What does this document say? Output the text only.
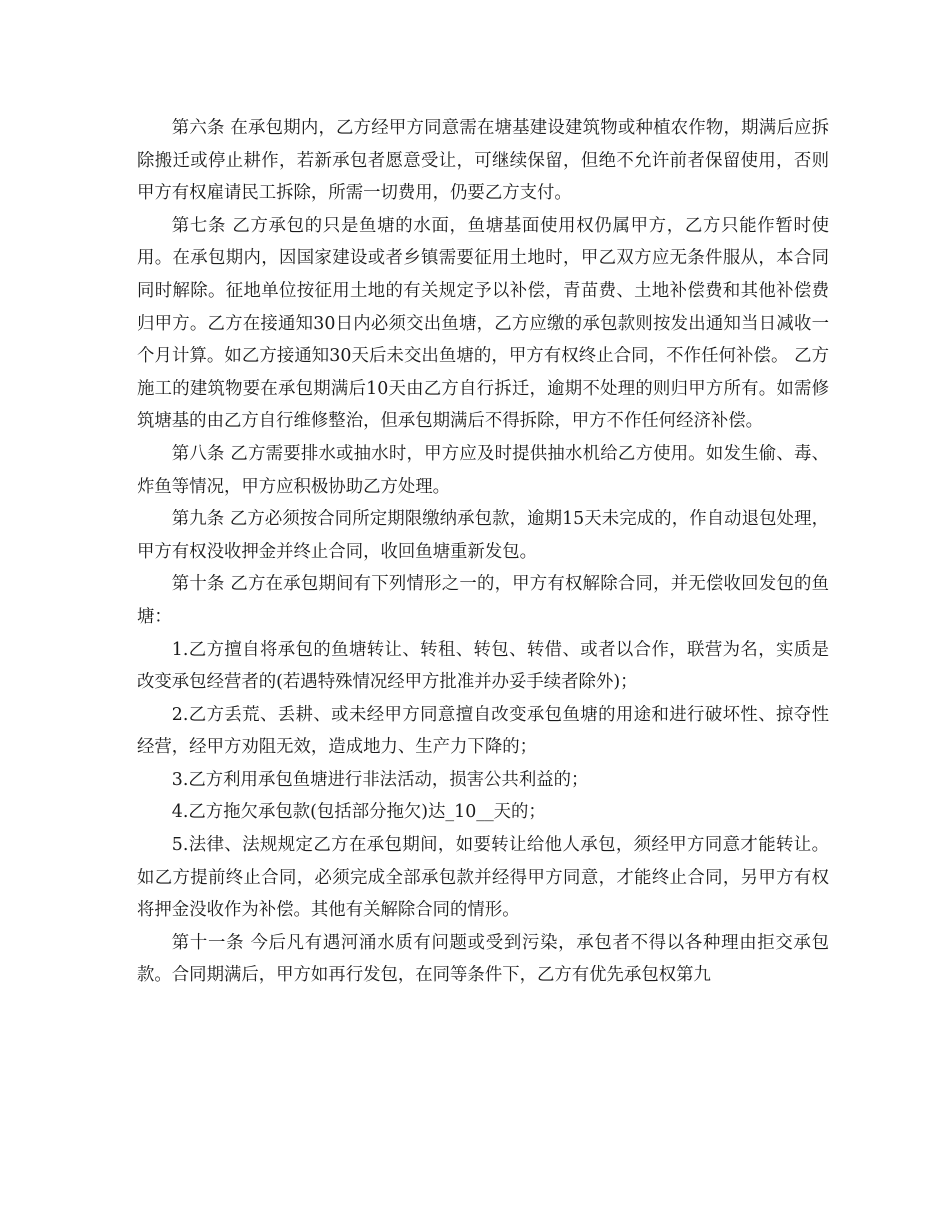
第六条 在承包期内，乙方经甲方同意需在塘基建设建筑物或种植农作物，期满后应拆除搬迁或停止耕作，若新承包者愿意受让，可继续保留，但绝不允许前者保留使用，否则甲方有权雇请民工拆除，所需一切费用，仍要乙方支付。

第七条 乙方承包的只是鱼塘的水面，鱼塘基面使用权仍属甲方，乙方只能作暂时使用。在承包期内，因国家建设或者乡镇需要征用土地时，甲乙双方应无条件服从，本合同同时解除。征地单位按征用土地的有关规定予以补偿，青苗费、土地补偿费和其他补偿费归甲方。乙方在接通知30日内必须交出鱼塘，乙方应缴的承包款则按发出通知当日减收一个月计算。如乙方接通知30天后未交出鱼塘的，甲方有权终止合同，不作任何补偿。 乙方施工的建筑物要在承包期满后10天由乙方自行拆迁，逾期不处理的则归甲方所有。如需修筑塘基的由乙方自行维修整治，但承包期满后不得拆除，甲方不作任何经济补偿。

第八条 乙方需要排水或抽水时，甲方应及时提供抽水机给乙方使用。如发生偷、毒、炸鱼等情况，甲方应积极协助乙方处理。

第九条 乙方必须按合同所定期限缴纳承包款，逾期15天未完成的，作自动退包处理，甲方有权没收押金并终止合同，收回鱼塘重新发包。

第十条 乙方在承包期间有下列情形之一的，甲方有权解除合同，并无偿收回发包的鱼塘：

1.乙方擅自将承包的鱼塘转让、转租、转包、转借、或者以合作，联营为名，实质是改变承包经营者的(若遇特殊情况经甲方批准并办妥手续者除外)；

2.乙方丢荒、丢耕、或未经甲方同意擅自改变承包鱼塘的用途和进行破坏性、掠夺性经营，经甲方劝阻无效，造成地力、生产力下降的；

3.乙方利用承包鱼塘进行非法活动，损害公共利益的；

4.乙方拖欠承包款(包括部分拖欠)达_10__天的；

5.法律、法规规定乙方在承包期间，如要转让给他人承包，须经甲方同意才能转让。如乙方提前终止合同，必须完成全部承包款并经得甲方同意，才能终止合同，另甲方有权将押金没收作为补偿。其他有关解除合同的情形。

第十一条 今后凡有遇河涌水质有问题或受到污染，承包者不得以各种理由拒交承包款。合同期满后，甲方如再行发包，在同等条件下，乙方有优先承包权第九
